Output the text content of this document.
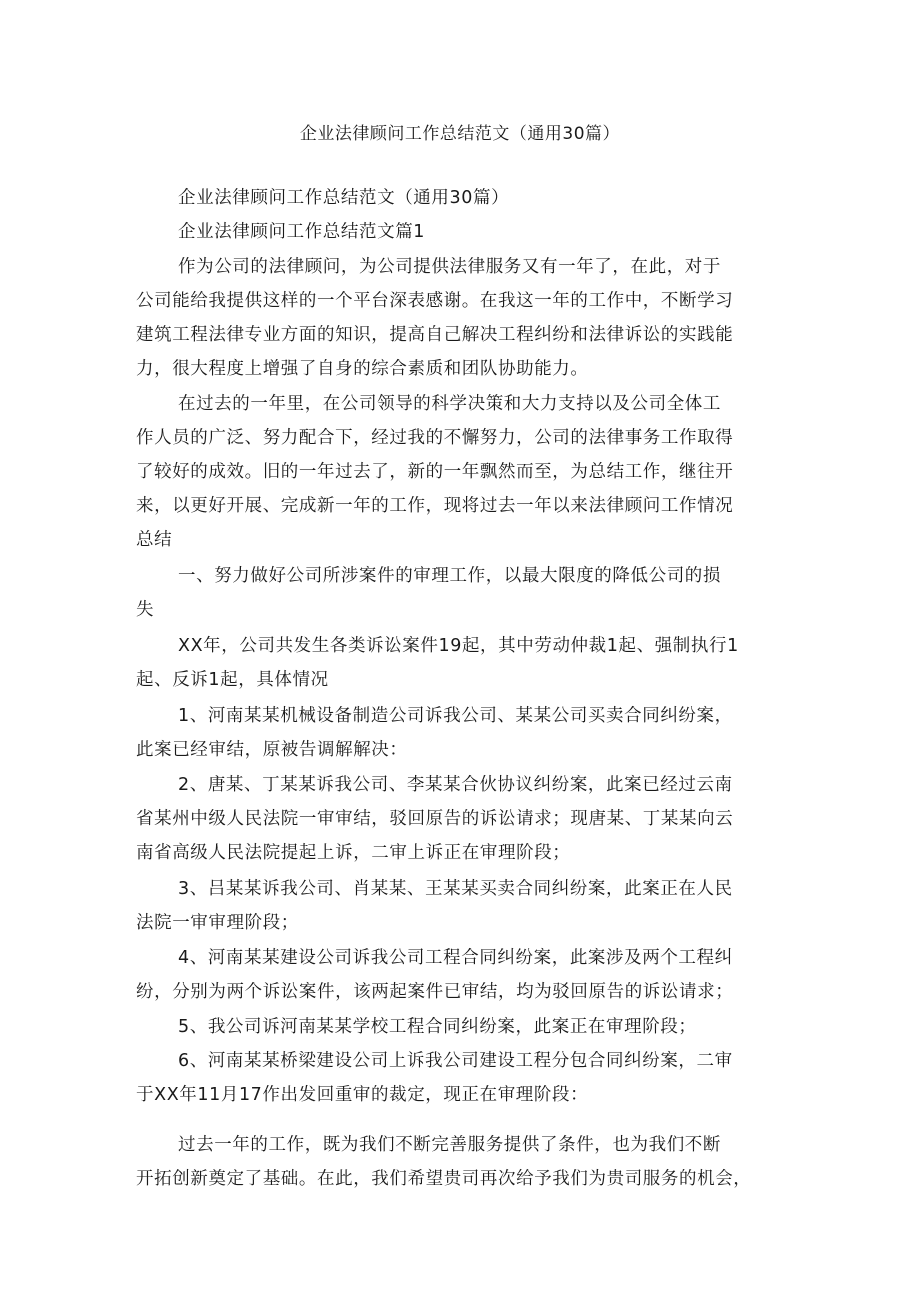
企业法律顾问工作总结范文（通用30篇）
企业法律顾问工作总结范文（通用30篇）
企业法律顾问工作总结范文篇1
作为公司的法律顾问，为公司提供法律服务又有一年了，在此，对于
公司能给我提供这样的一个平台深表感谢。在我这一年的工作中，不断学习
建筑工程法律专业方面的知识，提高自己解决工程纠纷和法律诉讼的实践能
力，很大程度上增强了自身的综合素质和团队协助能力。
在过去的一年里，在公司领导的科学决策和大力支持以及公司全体工
作人员的广泛、努力配合下，经过我的不懈努力，公司的法律事务工作取得
了较好的成效。旧的一年过去了，新的一年飘然而至，为总结工作，继往开
来，以更好开展、完成新一年的工作，现将过去一年以来法律顾问工作情况
总结
一、努力做好公司所涉案件的审理工作，以最大限度的降低公司的损
失
XX年，公司共发生各类诉讼案件19起，其中劳动仲裁1起、强制执行1
起、反诉1起，具体情况
1、河南某某机械设备制造公司诉我公司、某某公司买卖合同纠纷案，
此案已经审结，原被告调解解决：
2、唐某、丁某某诉我公司、李某某合伙协议纠纷案，此案已经过云南
省某州中级人民法院一审审结，驳回原告的诉讼请求；现唐某、丁某某向云
南省高级人民法院提起上诉，二审上诉正在审理阶段；
3、吕某某诉我公司、肖某某、王某某买卖合同纠纷案，此案正在人民
法院一审审理阶段；
4、河南某某建设公司诉我公司工程合同纠纷案，此案涉及两个工程纠
纷，分别为两个诉讼案件，该两起案件已审结，均为驳回原告的诉讼请求；
5、我公司诉河南某某学校工程合同纠纷案，此案正在审理阶段；
6、河南某某桥梁建设公司上诉我公司建设工程分包合同纠纷案，二审
于XX年11月17作出发回重审的裁定，现正在审理阶段：
过去一年的工作，既为我们不断完善服务提供了条件，也为我们不断
开拓创新奠定了基础。在此，我们希望贵司再次给予我们为贵司服务的机会，
